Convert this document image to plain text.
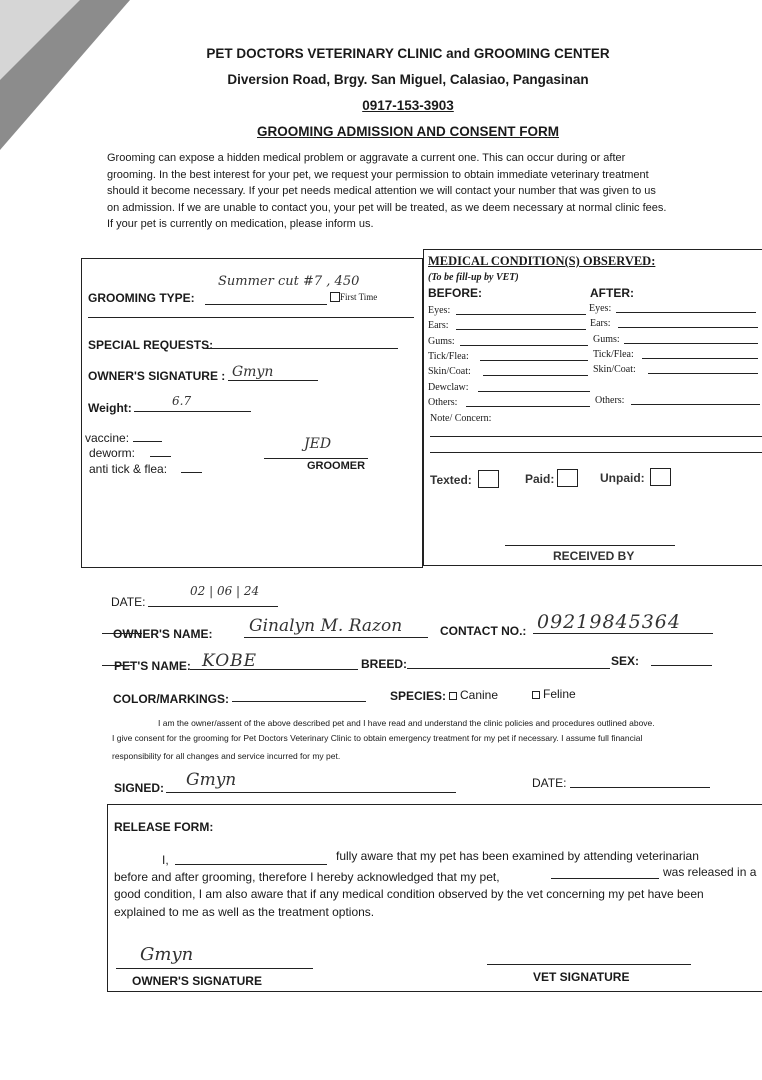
PET DOCTORS VETERINARY CLINIC and GROOMING CENTER
Diversion Road, Brgy. San Miguel, Calasiao, Pangasinan
0917-153-3903
GROOMING ADMISSION AND CONSENT FORM
Grooming can expose a hidden medical problem or aggravate a current one. This can occur during or after
grooming. In the best interest for your pet, we request your permission to obtain immediate veterinary treatment
should it become necessary. If your pet needs medical attention we will contact your number that was given to us
on admission. If we are unable to contact you, your pet will be treated, as we deem necessary at normal clinic fees.
If your pet is currently on medication, please inform us.
GROOMING TYPE:
Summer cut #7 , 450
First Time
SPECIAL REQUESTS:
OWNER'S SIGNATURE : Gmyn
Weight:	6.7
vaccine:
deworm:
anti tick & flea:
JED
GROOMER
MEDICAL CONDITION(S) OBSERVED:
(To be fill-up by VET)
BEFORE:	AFTER:
Eyes:	Eyes:
Ears:	Ears:
Gums:	Gums:
Tick/Flea:	Tick/Flea:
Skin/Coat:	Skin/Coat:
Dewclaw:
Others:	Others:
Note/ Concern:
Texted:	Paid:	Unpaid:
RECEIVED BY
DATE:
02 | 06 | 24
OWNER'S NAME: Ginalyn M. Razon	CONTACT NO.: 09219845364
PET'S NAME: KOBE	BREED:	SEX:
COLOR/MARKINGS:	SPECIES: Canine	Feline
I am the owner/assent of the above described pet and I have read and understand the clinic policies and procedures outlined above.
I give consent for the grooming for Pet Doctors Veterinary Clinic to obtain emergency treatment for my pet if necessary. I assume full financial
responsibility for all changes and service incurred for my pet.
SIGNED: Gmyn	DATE:
RELEASE FORM:
I,	fully aware that my pet has been examined by attending veterinarian
before and after grooming, therefore I hereby acknowledged that my pet,	was released in a
good condition, I am also aware that if any medical condition observed by the vet concerning my pet have been
explained to me as well as the treatment options.
Gmyn
OWNER'S SIGNATURE	VET SIGNATURE
